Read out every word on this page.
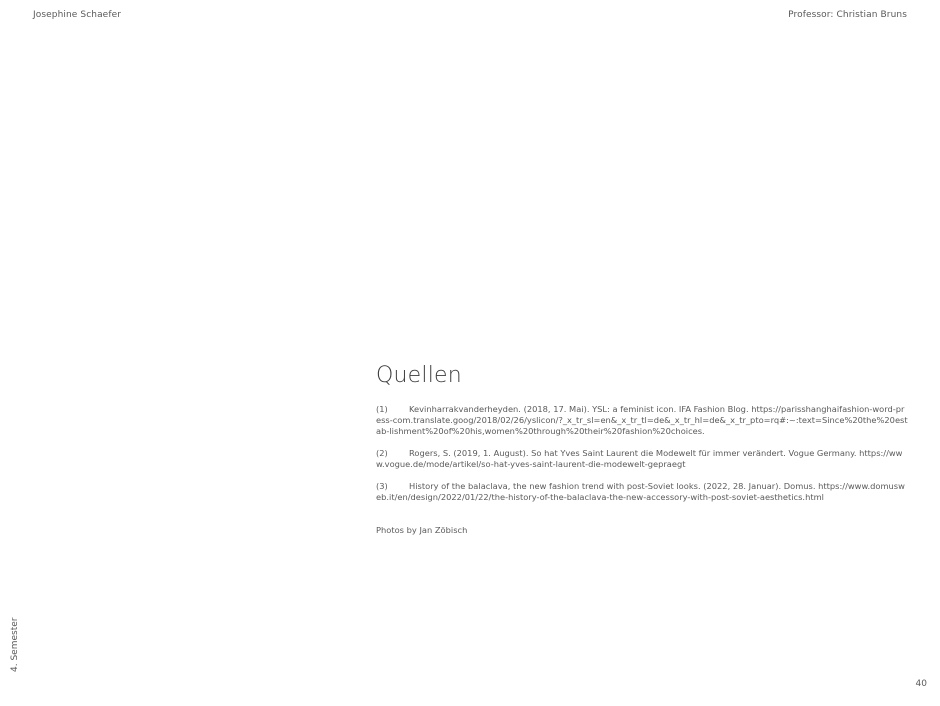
Josephine Schaefer	Professor: Christian Bruns
4. Semester
Quellen

(1)	Kevinharrakvanderheyden. (2018, 17. Mai). YSL: a feminist icon. IFA Fashion Blog. https://parisshanghaifashion-word-press-com.translate.goog/2018/02/26/yslicon/?_x_tr_sl=en&_x_tr_tl=de&_x_tr_hl=de&_x_tr_pto=rq#:~:text=Since%20the%20estab-lishment%20of%20his,women%20through%20their%20fashion%20choices.

(2)	Rogers, S. (2019, 1. August). So hat Yves Saint Laurent die Modewelt für immer verändert. Vogue Germany. https://www.vogue.de/mode/artikel/so-hat-yves-saint-laurent-die-modewelt-gepraegt

(3)	History of the balaclava, the new fashion trend with post-Soviet looks. (2022, 28. Januar). Domus. https://www.domusweb.it/en/design/2022/01/22/the-history-of-the-balaclava-the-new-accessory-with-post-soviet-aesthetics.html

Photos by Jan Zöbisch
40
